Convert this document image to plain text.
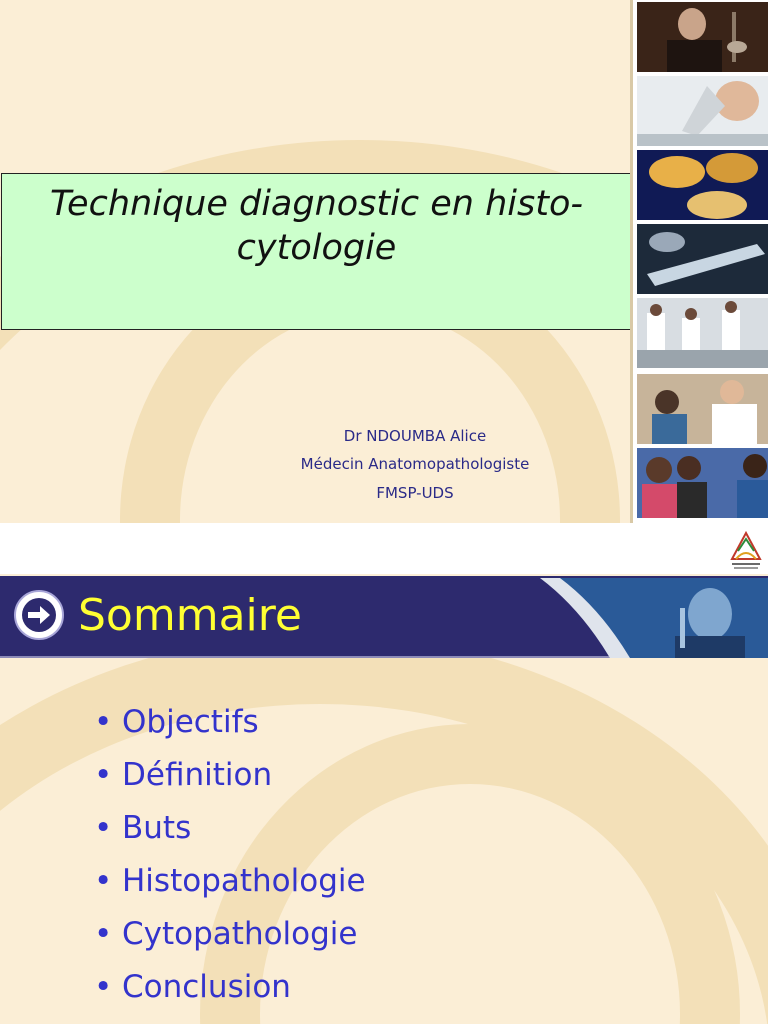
Technique diagnostic en histo-cytologie
Dr NDOUMBA Alice
Médecin Anatomopathologiste
FMSP-UDS
Sommaire
• Objectifs
• Définition
• Buts
• Histopathologie
• Cytopathologie
• Conclusion
